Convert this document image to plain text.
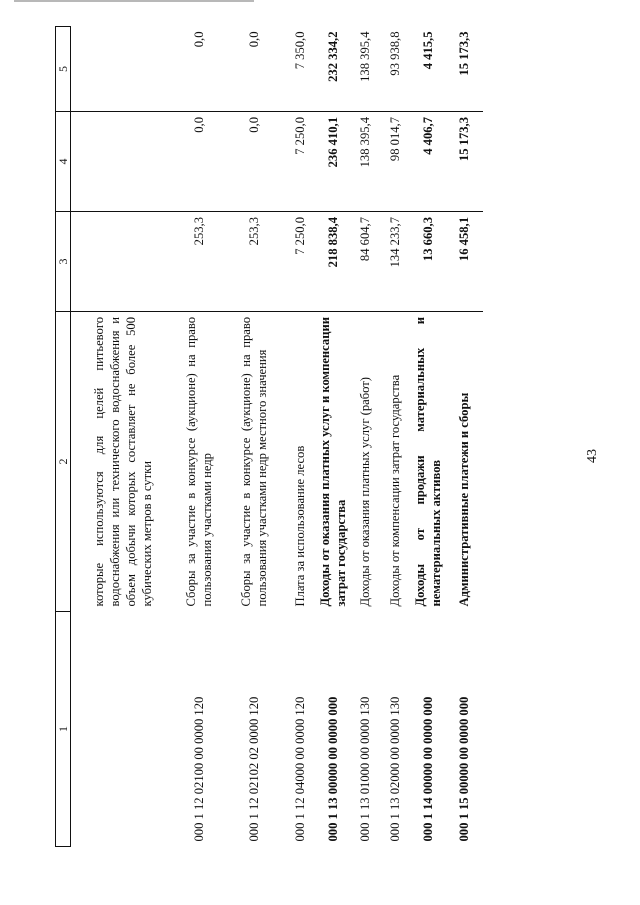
43
1	2	3	4	5
	которые используются для целей питьевого водоснабжения или технического водоснабжения и объем добычи которых составляет не более 500 кубических метров в сутки			
000 1 12 02100 00 0000 120	Сборы за участие в конкурсе (аукционе) на право пользования участками недр	253,3	0,0	0,0
000 1 12 02102 02 0000 120	Сборы за участие в конкурсе (аукционе) на право пользования участками недр местного значения	253,3	0,0	0,0
000 1 12 04000 00 0000 120	Плата за использование лесов	7 250,0	7 250,0	7 350,0
000 1 13 00000 00 0000 000	Доходы от оказания платных услуг и компенсации затрат государства	218 838,4	236 410,1	232 334,2
000 1 13 01000 00 0000 130	Доходы от оказания платных услуг (работ)	84 604,7	138 395,4	138 395,4
000 1 13 02000 00 0000 130	Доходы от компенсации затрат государства	134 233,7	98 014,7	93 938,8
000 1 14 00000 00 0000 000	Доходы от продажи материальных и нематериальных активов	13 660,3	4 406,7	4 415,5
000 1 15 00000 00 0000 000	Административные платежи и сборы	16 458,1	15 173,3	15 173,3
